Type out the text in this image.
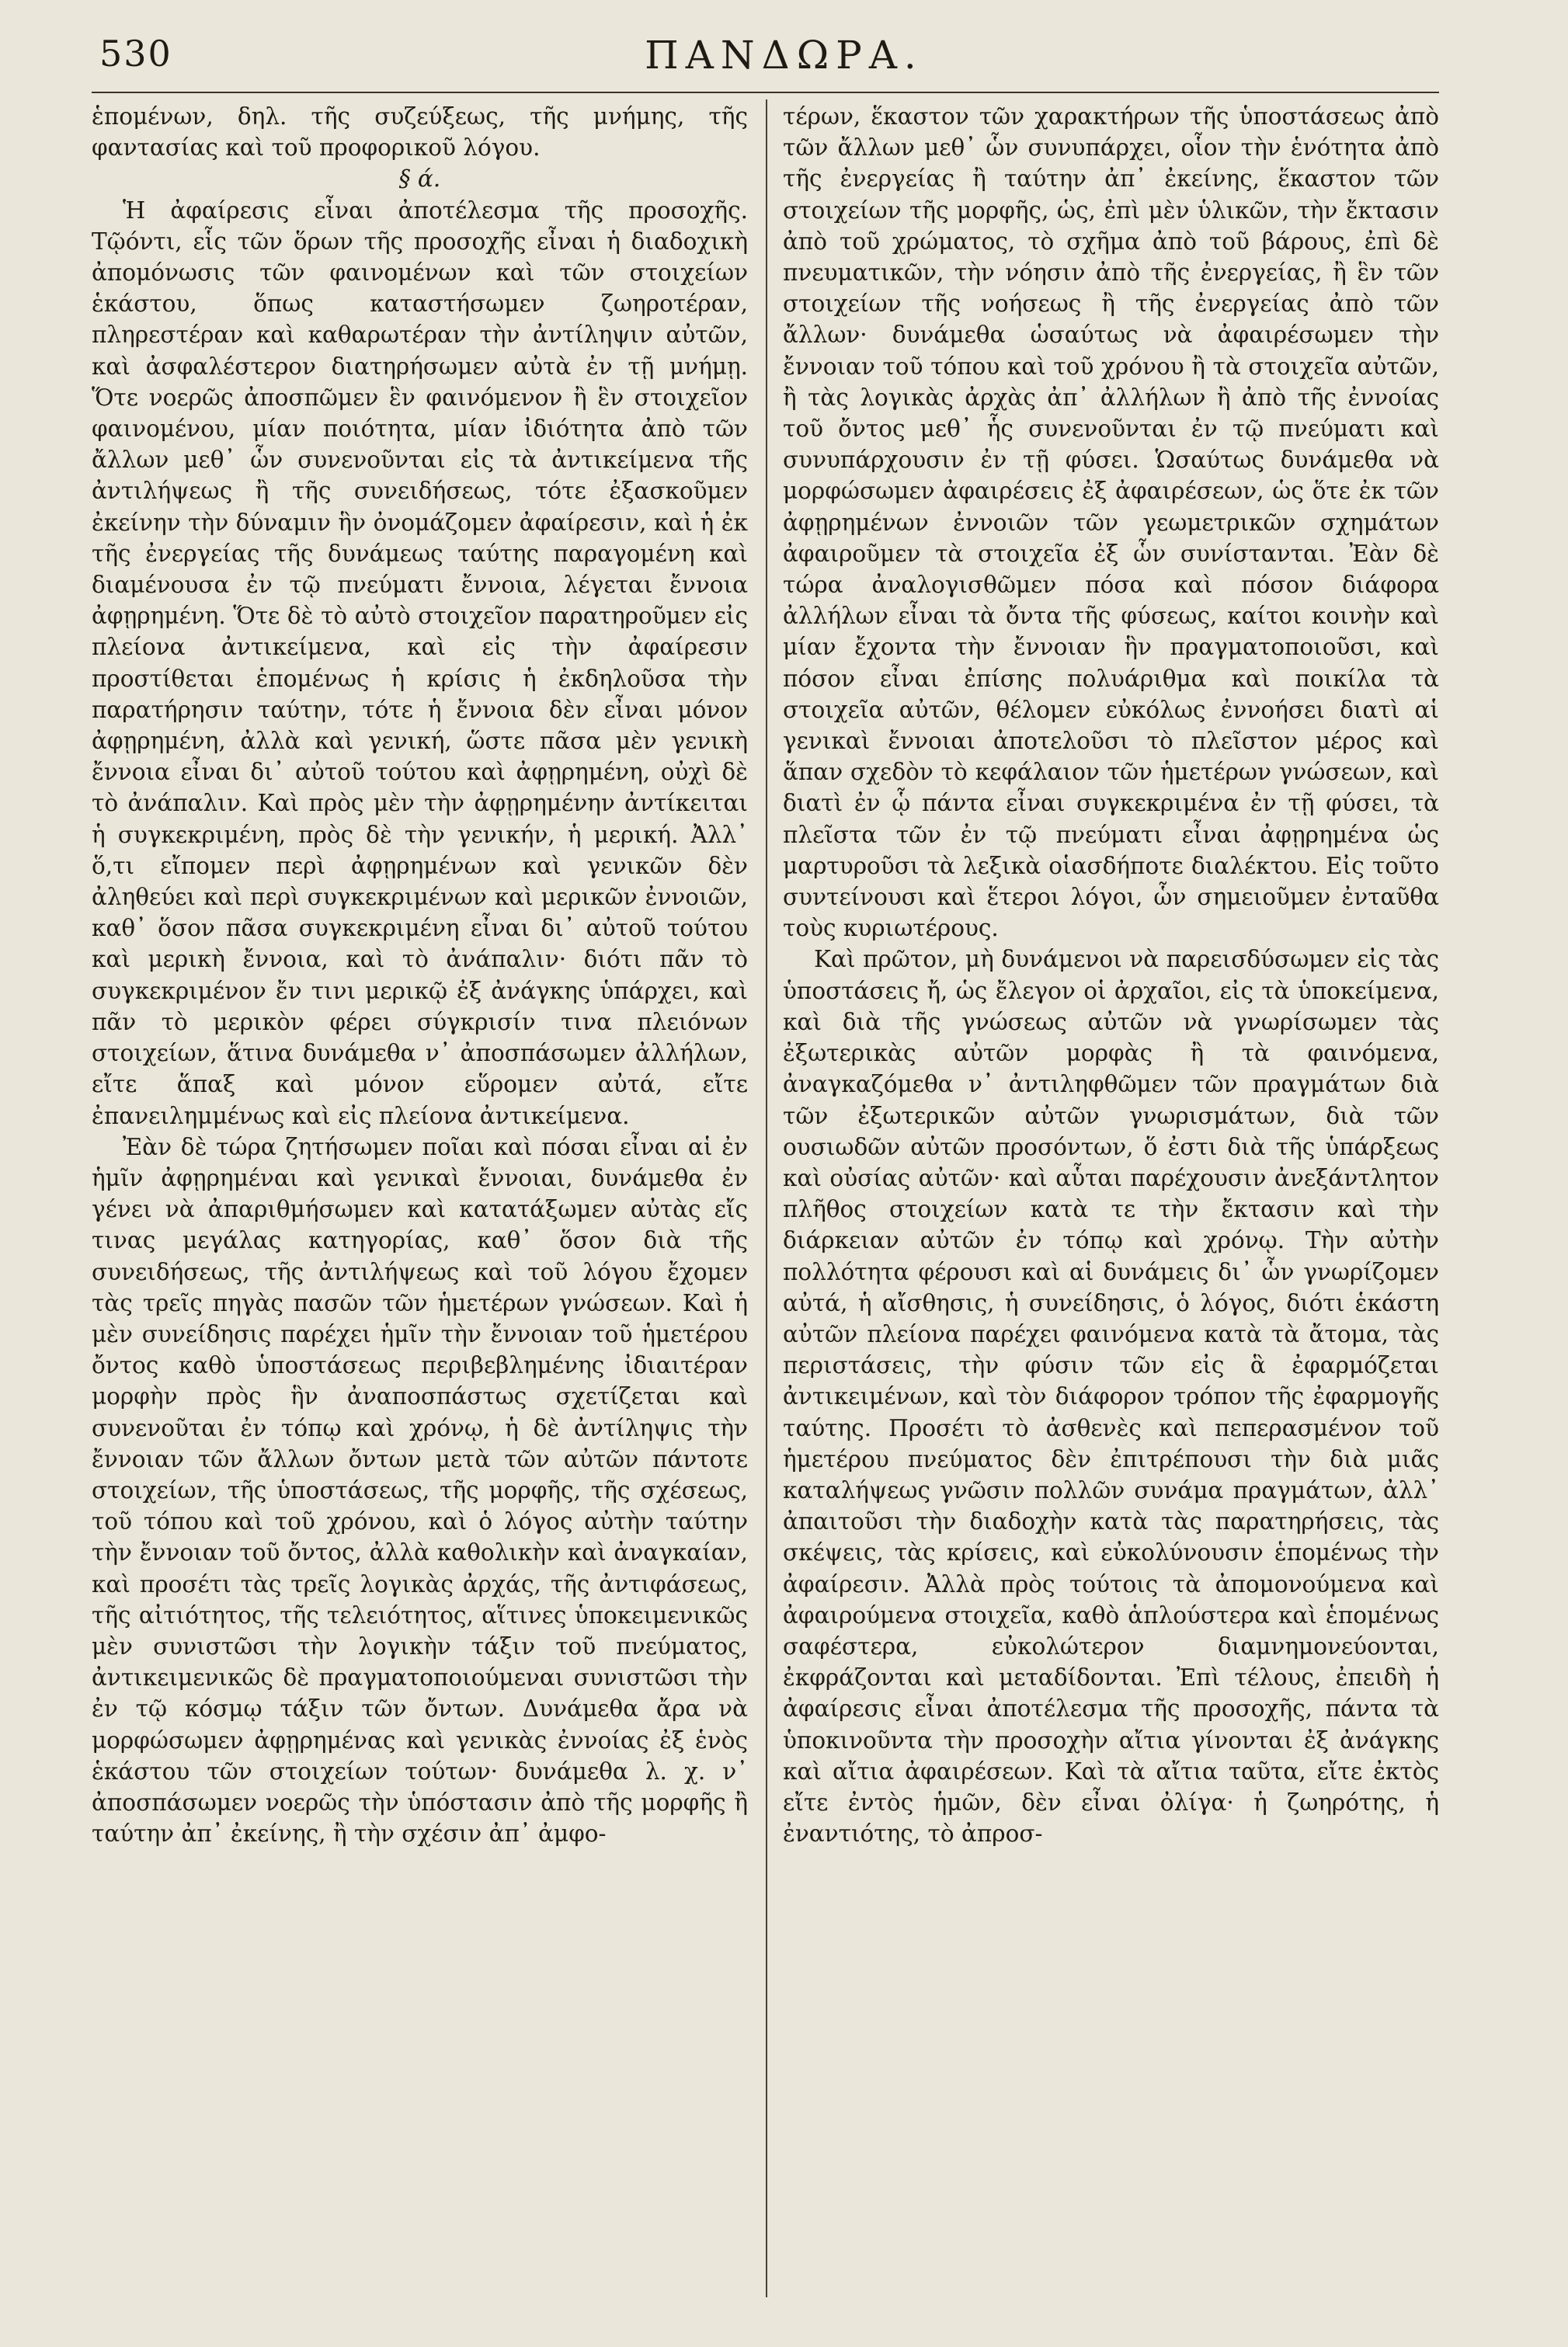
530	ΠΑΝΔΩΡΑ.

ἑπομένων, δηλ. τῆς συζεύξεως, τῆς μνήμης, τῆς φαντασίας καὶ τοῦ προφορικοῦ λόγου.

§ ά.

Ἡ ἀφαίρεσις εἶναι ἀποτέλεσμα τῆς προσοχῆς. Τῷόντι, εἷς τῶν ὅρων τῆς προσοχῆς εἶναι ἡ διαδοχικὴ ἀπομόνωσις τῶν φαινομένων καὶ τῶν στοιχείων ἑκάστου, ὅπως καταστήσωμεν ζωηροτέραν, πληρεστέραν καὶ καθαρωτέραν τὴν ἀντίληψιν αὐτῶν, καὶ ἀσφαλέστερον διατηρήσωμεν αὐτὰ ἐν τῇ μνήμῃ. Ὅτε νοερῶς ἀποσπῶμεν ἓν φαινόμενον ἢ ἓν στοιχεῖον φαινομένου, μίαν ποιότητα, μίαν ἰδιότητα ἀπὸ τῶν ἄλλων μεθ᾽ ὧν συνενοῦνται εἰς τὰ ἀντικείμενα τῆς ἀντιλήψεως ἢ τῆς συνειδήσεως, τότε ἐξασκοῦμεν ἐκείνην τὴν δύναμιν ἣν ὀνομάζομεν ἀφαίρεσιν, καὶ ἡ ἐκ τῆς ἐνεργείας τῆς δυνάμεως ταύτης παραγομένη καὶ διαμένουσα ἐν τῷ πνεύματι ἔννοια, λέγεται ἔννοια ἀφῃρημένη. Ὅτε δὲ τὸ αὐτὸ στοιχεῖον παρατηροῦμεν εἰς πλείονα ἀντικείμενα, καὶ εἰς τὴν ἀφαίρεσιν προστίθεται ἑπομένως ἡ κρίσις ἡ ἐκδηλοῦσα τὴν παρατήρησιν ταύτην, τότε ἡ ἔννοια δὲν εἶναι μόνον ἀφῃρημένη, ἀλλὰ καὶ γενική, ὥστε πᾶσα μὲν γενικὴ ἔννοια εἶναι δι᾽ αὐτοῦ τούτου καὶ ἀφῃρημένη, οὐχὶ δὲ τὸ ἀνάπαλιν. Καὶ πρὸς μὲν τὴν ἀφῃρημένην ἀντίκειται ἡ συγκεκριμένη, πρὸς δὲ τὴν γενικήν, ἡ μερική. Ἀλλ᾽ ὅ,τι εἴπομεν περὶ ἀφῃρημένων καὶ γενικῶν δὲν ἀληθεύει καὶ περὶ συγκεκριμένων καὶ μερικῶν ἐννοιῶν, καθ᾽ ὅσον πᾶσα συγκεκριμένη εἶναι δι᾽ αὐτοῦ τούτου καὶ μερικὴ ἔννοια, καὶ τὸ ἀνάπαλιν· διότι πᾶν τὸ συγκεκριμένον ἔν τινι μερικῷ ἐξ ἀνάγκης ὑπάρχει, καὶ πᾶν τὸ μερικὸν φέρει σύγκρισίν τινα πλειόνων στοιχείων, ἅτινα δυνάμεθα ν᾽ ἀποσπάσωμεν ἀλλήλων, εἴτε ἅπαξ καὶ μόνον εὕρομεν αὐτά, εἴτε ἐπανειλημμένως καὶ εἰς πλείονα ἀντικείμενα.

Ἐὰν δὲ τώρα ζητήσωμεν ποῖαι καὶ πόσαι εἶναι αἱ ἐν ἡμῖν ἀφῃρημέναι καὶ γενικαὶ ἔννοιαι, δυνάμεθα ἐν γένει νὰ ἀπαριθμήσωμεν καὶ κατατάξωμεν αὐτὰς εἴς τινας μεγάλας κατηγορίας, καθ᾽ ὅσον διὰ τῆς συνειδήσεως, τῆς ἀντιλήψεως καὶ τοῦ λόγου ἔχομεν τὰς τρεῖς πηγὰς πασῶν τῶν ἡμετέρων γνώσεων. Καὶ ἡ μὲν συνείδησις παρέχει ἡμῖν τὴν ἔννοιαν τοῦ ἡμετέρου ὄντος καθὸ ὑποστάσεως περιβεβλημένης ἰδιαιτέραν μορφὴν πρὸς ἣν ἀναποσπάστως σχετίζεται καὶ συνενοῦται ἐν τόπῳ καὶ χρόνῳ, ἡ δὲ ἀντίληψις τὴν ἔννοιαν τῶν ἄλλων ὄντων μετὰ τῶν αὐτῶν πάντοτε στοιχείων, τῆς ὑποστάσεως, τῆς μορφῆς, τῆς σχέσεως, τοῦ τόπου καὶ τοῦ χρόνου, καὶ ὁ λόγος αὐτὴν ταύτην τὴν ἔννοιαν τοῦ ὄντος, ἀλλὰ καθολικὴν καὶ ἀναγκαίαν, καὶ προσέτι τὰς τρεῖς λογικὰς ἀρχάς, τῆς ἀντιφάσεως, τῆς αἰτιότητος, τῆς τελειότητος, αἵτινες ὑποκειμενικῶς μὲν συνιστῶσι τὴν λογικὴν τάξιν τοῦ πνεύματος, ἀντικειμενικῶς δὲ πραγματοποιούμεναι συνιστῶσι τὴν ἐν τῷ κόσμῳ τάξιν τῶν ὄντων. Δυνάμεθα ἄρα νὰ μορφώσωμεν ἀφῃρημένας καὶ γενικὰς ἐννοίας ἐξ ἑνὸς ἑκάστου τῶν στοιχείων τούτων· δυνάμεθα λ. χ. ν᾽ ἀποσπάσωμεν νοερῶς τὴν ὑπόστασιν ἀπὸ τῆς μορφῆς ἢ ταύτην ἀπ᾽ ἐκείνης, ἢ τὴν σχέσιν ἀπ᾽ ἀμφο-

τέρων, ἕκαστον τῶν χαρακτήρων τῆς ὑποστάσεως ἀπὸ τῶν ἄλλων μεθ᾽ ὧν συνυπάρχει, οἷον τὴν ἑνότητα ἀπὸ τῆς ἐνεργείας ἢ ταύτην ἀπ᾽ ἐκείνης, ἕκαστον τῶν στοιχείων τῆς μορφῆς, ὡς, ἐπὶ μὲν ὑλικῶν, τὴν ἔκτασιν ἀπὸ τοῦ χρώματος, τὸ σχῆμα ἀπὸ τοῦ βάρους, ἐπὶ δὲ πνευματικῶν, τὴν νόησιν ἀπὸ τῆς ἐνεργείας, ἢ ἓν τῶν στοιχείων τῆς νοήσεως ἢ τῆς ἐνεργείας ἀπὸ τῶν ἄλλων· δυνάμεθα ὡσαύτως νὰ ἀφαιρέσωμεν τὴν ἔννοιαν τοῦ τόπου καὶ τοῦ χρόνου ἢ τὰ στοιχεῖα αὐτῶν, ἢ τὰς λογικὰς ἀρχὰς ἀπ᾽ ἀλλήλων ἢ ἀπὸ τῆς ἐννοίας τοῦ ὄντος μεθ᾽ ἧς συνενοῦνται ἐν τῷ πνεύματι καὶ συνυπάρχουσιν ἐν τῇ φύσει. Ὡσαύτως δυνάμεθα νὰ μορφώσωμεν ἀφαιρέσεις ἐξ ἀφαιρέσεων, ὡς ὅτε ἐκ τῶν ἀφῃρημένων ἐννοιῶν τῶν γεωμετρικῶν σχημάτων ἀφαιροῦμεν τὰ στοιχεῖα ἐξ ὧν συνίστανται. Ἐὰν δὲ τώρα ἀναλογισθῶμεν πόσα καὶ πόσον διάφορα ἀλλήλων εἶναι τὰ ὄντα τῆς φύσεως, καίτοι κοινὴν καὶ μίαν ἔχοντα τὴν ἔννοιαν ἣν πραγματοποιοῦσι, καὶ πόσον εἶναι ἐπίσης πολυάριθμα καὶ ποικίλα τὰ στοιχεῖα αὐτῶν, θέλομεν εὐκόλως ἐννοήσει διατὶ αἱ γενικαὶ ἔννοιαι ἀποτελοῦσι τὸ πλεῖστον μέρος καὶ ἅπαν σχεδὸν τὸ κεφάλαιον τῶν ἡμετέρων γνώσεων, καὶ διατὶ ἐν ᾧ πάντα εἶναι συγκεκριμένα ἐν τῇ φύσει, τὰ πλεῖστα τῶν ἐν τῷ πνεύματι εἶναι ἀφῃρημένα ὡς μαρτυροῦσι τὰ λεξικὰ οἱασδήποτε διαλέκτου. Εἰς τοῦτο συντείνουσι καὶ ἕτεροι λόγοι, ὧν σημειοῦμεν ἐνταῦθα τοὺς κυριωτέρους.

Καὶ πρῶτον, μὴ δυνάμενοι νὰ παρεισδύσωμεν εἰς τὰς ὑποστάσεις ἤ, ὡς ἔλεγον οἱ ἀρχαῖοι, εἰς τὰ ὑποκείμενα, καὶ διὰ τῆς γνώσεως αὐτῶν νὰ γνωρίσωμεν τὰς ἐξωτερικὰς αὐτῶν μορφὰς ἢ τὰ φαινόμενα, ἀναγκαζόμεθα ν᾽ ἀντιληφθῶμεν τῶν πραγμάτων διὰ τῶν ἐξωτερικῶν αὐτῶν γνωρισμάτων, διὰ τῶν ουσιωδῶν αὐτῶν προσόντων, ὅ ἐστι διὰ τῆς ὑπάρξεως καὶ οὐσίας αὐτῶν· καὶ αὗται παρέχουσιν ἀνεξάντλητον πλῆθος στοιχείων κατὰ τε τὴν ἔκτασιν καὶ τὴν διάρκειαν αὐτῶν ἐν τόπῳ καὶ χρόνῳ. Τὴν αὐτὴν πολλότητα φέρουσι καὶ αἱ δυνάμεις δι᾽ ὧν γνωρίζομεν αὐτά, ἡ αἴσθησις, ἡ συνείδησις, ὁ λόγος, διότι ἑκάστη αὐτῶν πλείονα παρέχει φαινόμενα κατὰ τὰ ἄτομα, τὰς περιστάσεις, τὴν φύσιν τῶν εἰς ἃ ἐφαρμόζεται ἀντικειμένων, καὶ τὸν διάφορον τρόπον τῆς ἐφαρμογῆς ταύτης. Προσέτι τὸ ἀσθενὲς καὶ πεπερασμένον τοῦ ἡμετέρου πνεύματος δὲν ἐπιτρέπουσι τὴν διὰ μιᾶς καταλήψεως γνῶσιν πολλῶν συνάμα πραγμάτων, ἀλλ᾽ ἀπαιτοῦσι τὴν διαδοχὴν κατὰ τὰς παρατηρήσεις, τὰς σκέψεις, τὰς κρίσεις, καὶ εὐκολύνουσιν ἑπομένως τὴν ἀφαίρεσιν. Ἀλλὰ πρὸς τούτοις τὰ ἀπομονούμενα καὶ ἀφαιρούμενα στοιχεῖα, καθὸ ἁπλούστερα καὶ ἑπομένως σαφέστερα, εὐκολώτερον διαμνημονεύονται, ἐκφράζονται καὶ μεταδίδονται. Ἐπὶ τέλους, ἐπειδὴ ἡ ἀφαίρεσις εἶναι ἀποτέλεσμα τῆς προσοχῆς, πάντα τὰ ὑποκινοῦντα τὴν προσοχὴν αἴτια γίνονται ἐξ ἀνάγκης καὶ αἴτια ἀφαιρέσεων. Καὶ τὰ αἴτια ταῦτα, εἴτε ἐκτὸς εἴτε ἐντὸς ἡμῶν, δὲν εἶναι ὀλίγα· ἡ ζωηρότης, ἡ ἐναντιότης, τὸ ἀπροσ-
